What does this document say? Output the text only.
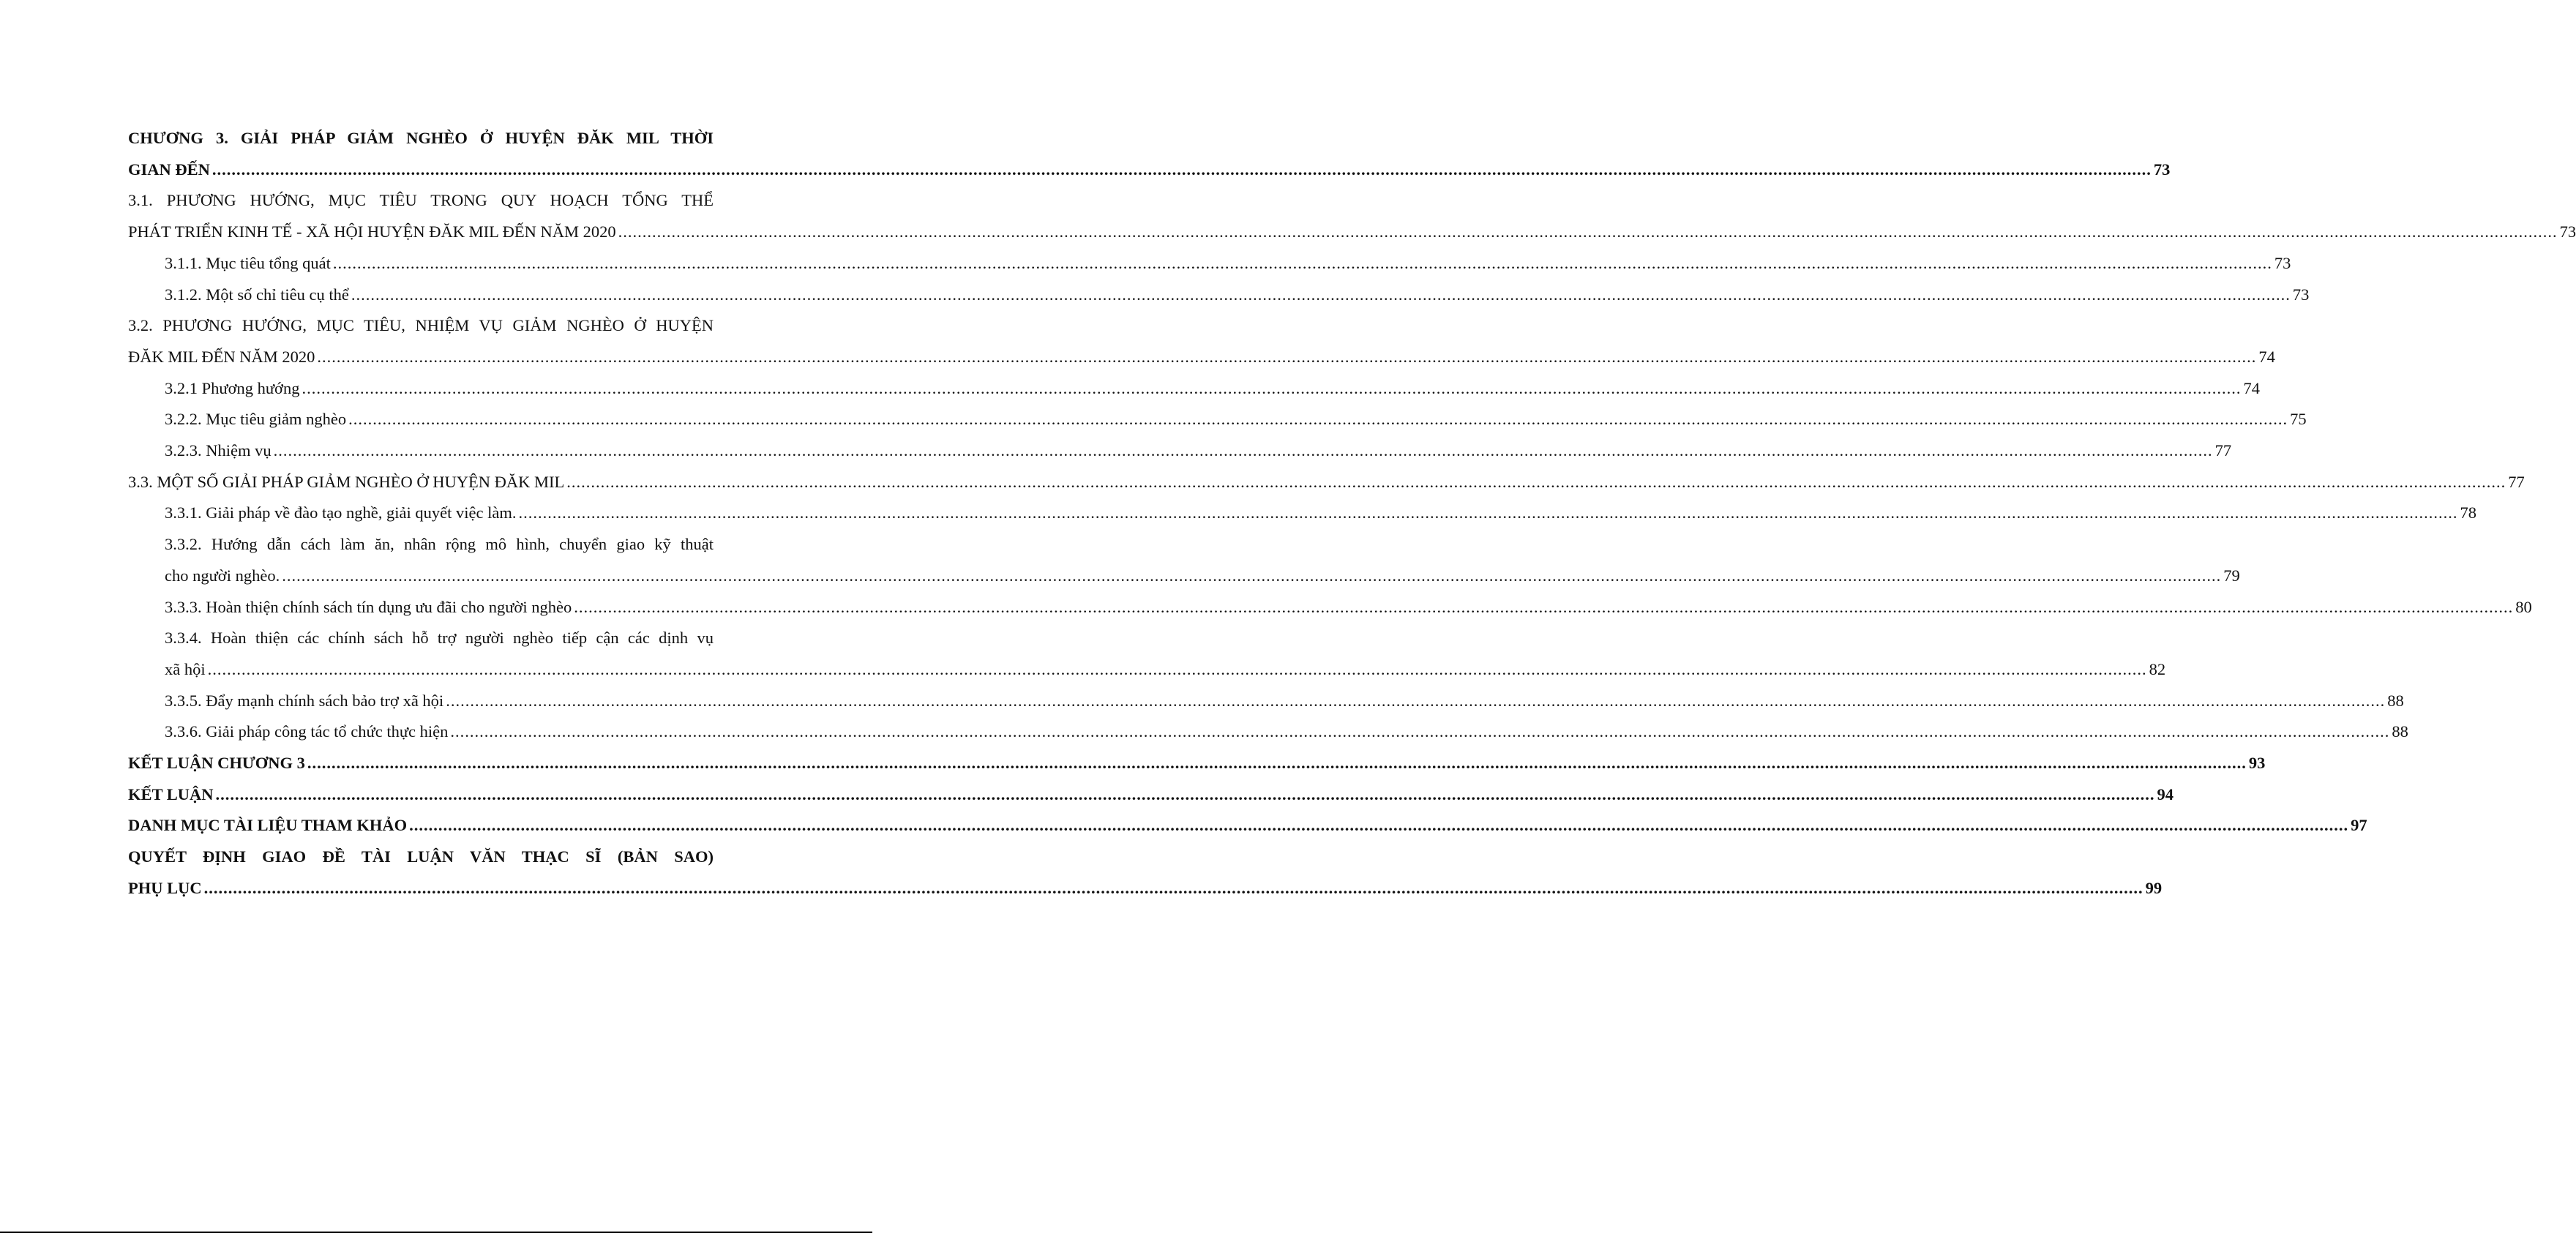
CHƯƠNG 3. GIẢI PHÁP GIẢM NGHÈO Ở HUYỆN ĐĂK MIL THỜI
GIAN ĐẾN ................................................................................................................................................................................................................................................................................................................................................................................................................ 73
3.1. PHƯƠNG HƯỚNG, MỤC TIÊU TRONG QUY HOẠCH TỔNG THỂ
PHÁT TRIỂN KINH TẾ - XÃ HỘI HUYỆN ĐĂK MIL ĐẾN NĂM 2020 ................................................................................................................................................................................................................................................................................................................................................................................................................ 73
3.1.1. Mục tiêu tổng quát ................................................................................................................................................................................................................................................................................................................................................................................................................ 73
3.1.2. Một số chỉ tiêu cụ thể ................................................................................................................................................................................................................................................................................................................................................................................................................ 73
3.2. PHƯƠNG HƯỚNG, MỤC TIÊU, NHIỆM VỤ GIẢM NGHÈO Ở HUYỆN
ĐĂK MIL ĐẾN NĂM 2020 ................................................................................................................................................................................................................................................................................................................................................................................................................ 74
3.2.1 Phương hướng ................................................................................................................................................................................................................................................................................................................................................................................................................ 74
3.2.2. Mục tiêu giảm nghèo ................................................................................................................................................................................................................................................................................................................................................................................................................ 75
3.2.3. Nhiệm vụ ................................................................................................................................................................................................................................................................................................................................................................................................................ 77
3.3. MỘT SỐ GIẢI PHÁP GIẢM NGHÈO Ở HUYỆN ĐĂK MIL ................................................................................................................................................................................................................................................................................................................................................................................................................ 77
3.3.1. Giải pháp về đào tạo nghề, giải quyết việc làm. ................................................................................................................................................................................................................................................................................................................................................................................................................ 78
3.3.2. Hướng dẫn cách làm ăn, nhân rộng mô hình, chuyển giao kỹ thuật
cho người nghèo. ................................................................................................................................................................................................................................................................................................................................................................................................................ 79
3.3.3. Hoàn thiện chính sách tín dụng ưu đãi cho người nghèo ................................................................................................................................................................................................................................................................................................................................................................................................................ 80
3.3.4. Hoàn thiện các chính sách hỗ trợ người nghèo tiếp cận các dịnh vụ
xã hội ................................................................................................................................................................................................................................................................................................................................................................................................................ 82
3.3.5. Đẩy mạnh chính sách bảo trợ xã hội ................................................................................................................................................................................................................................................................................................................................................................................................................ 88
3.3.6. Giải pháp công tác tổ chức thực hiện ................................................................................................................................................................................................................................................................................................................................................................................................................ 88
KẾT LUẬN CHƯƠNG 3 ................................................................................................................................................................................................................................................................................................................................................................................................................ 93
KẾT LUẬN ................................................................................................................................................................................................................................................................................................................................................................................................................ 94
DANH MỤC TÀI LIỆU THAM KHẢO ................................................................................................................................................................................................................................................................................................................................................................................................................ 97
QUYẾT ĐỊNH GIAO ĐỀ TÀI LUẬN VĂN THẠC SĨ (BẢN SAO)
PHỤ LỤC ................................................................................................................................................................................................................................................................................................................................................................................................................ 99
